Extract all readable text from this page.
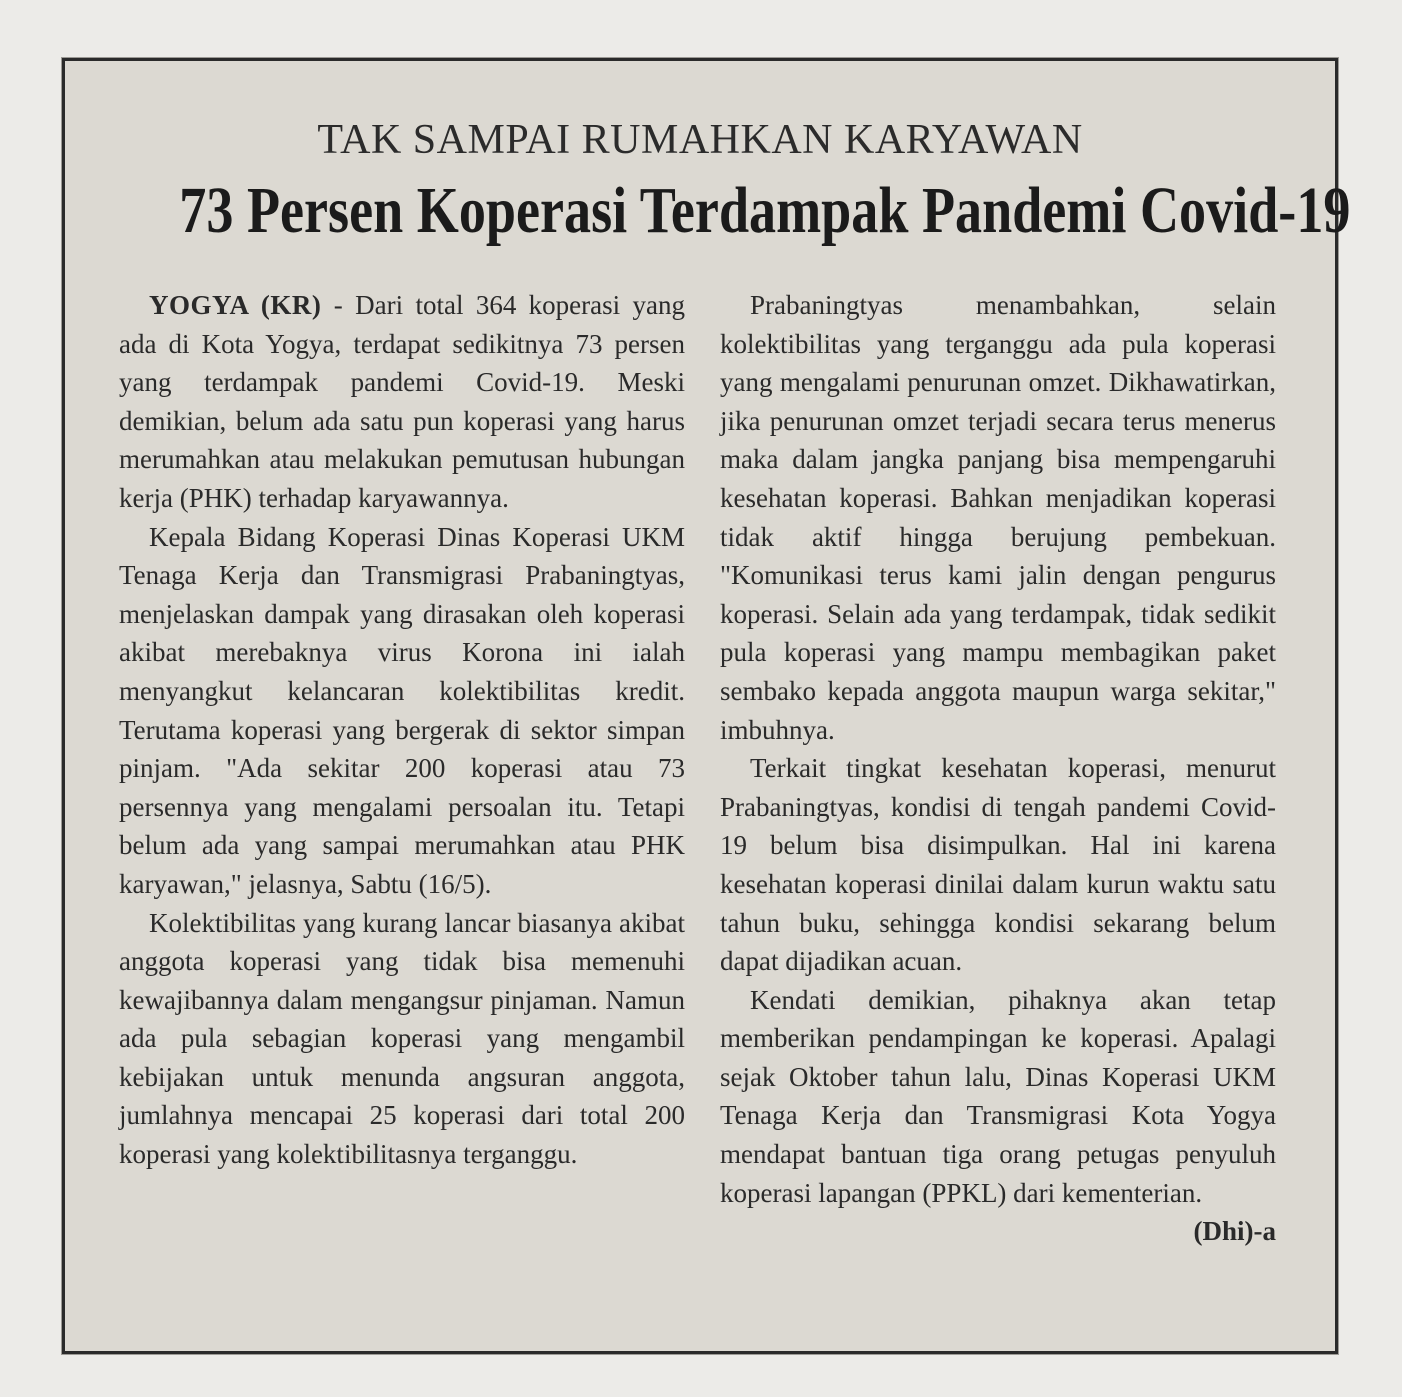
TAK SAMPAI RUMAHKAN KARYAWAN
73 Persen Koperasi Terdampak Pandemi Covid-19

YOGYA (KR) - Dari total 364 koperasi yang ada di Kota Yogya, terdapat sedikitnya 73 persen yang terdampak pandemi Covid-19. Meski demikian, belum ada satu pun koperasi yang harus merumahkan atau melakukan pemutusan hubungan kerja (PHK) terhadap karyawannya.

Kepala Bidang Koperasi Dinas Koperasi UKM Tenaga Kerja dan Transmigrasi Prabaningtyas, menjelaskan dampak yang dirasakan oleh koperasi akibat merebaknya virus Korona ini ialah menyangkut kelancaran kolektibilitas kredit. Terutama koperasi yang bergerak di sektor simpan pinjam. "Ada sekitar 200 koperasi atau 73 persennya yang mengalami persoalan itu. Tetapi belum ada yang sampai merumahkan atau PHK karyawan," jelasnya, Sabtu (16/5).

Kolektibilitas yang kurang lancar biasanya akibat anggota koperasi yang tidak bisa memenuhi kewajibannya dalam mengangsur pinjaman. Namun ada pula sebagian koperasi yang mengambil kebijakan untuk menunda angsuran anggota, jumlahnya mencapai 25 koperasi dari total 200 koperasi yang kolektibilitasnya terganggu.

Prabaningtyas menambahkan, selain kolektibilitas yang terganggu ada pula koperasi yang mengalami penurunan omzet. Dikhawatirkan, jika penurunan omzet terjadi secara terus menerus maka dalam jangka panjang bisa mempengaruhi kesehatan koperasi. Bahkan menjadikan koperasi tidak aktif hingga berujung pembekuan. "Komunikasi terus kami jalin dengan pengurus koperasi. Selain ada yang terdampak, tidak sedikit pula koperasi yang mampu membagikan paket sembako kepada anggota maupun warga sekitar," imbuhnya.

Terkait tingkat kesehatan koperasi, menurut Prabaningtyas, kondisi di tengah pandemi Covid-19 belum bisa disimpulkan. Hal ini karena kesehatan koperasi dinilai dalam kurun waktu satu tahun buku, sehingga kondisi sekarang belum dapat dijadikan acuan.

Kendati demikian, pihaknya akan tetap memberikan pendampingan ke koperasi. Apalagi sejak Oktober tahun lalu, Dinas Koperasi UKM Tenaga Kerja dan Transmigrasi Kota Yogya mendapat bantuan tiga orang petugas penyuluh koperasi lapangan (PPKL) dari kementerian.
(Dhi)-a
